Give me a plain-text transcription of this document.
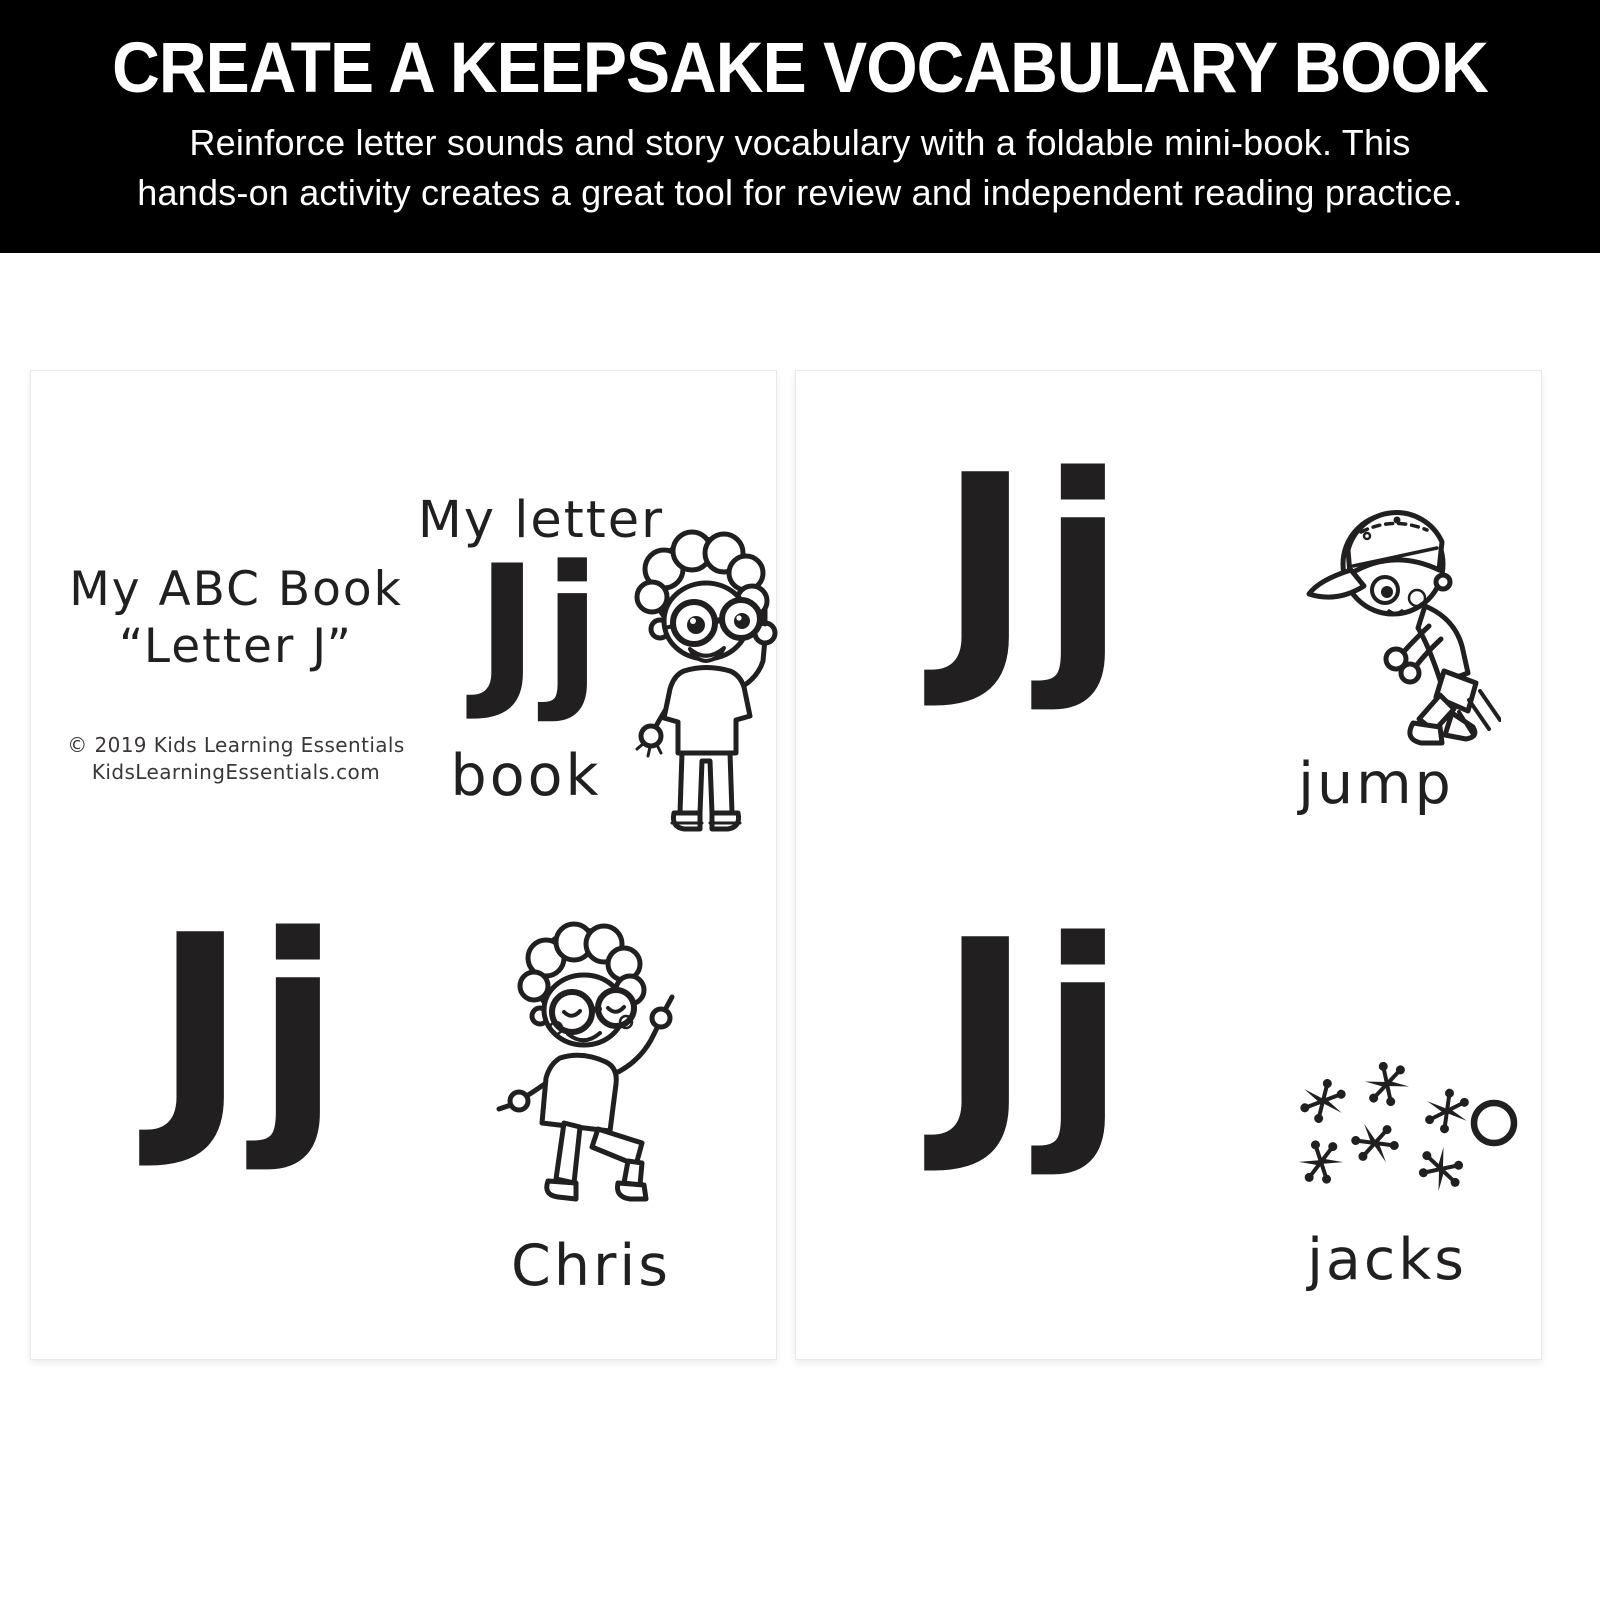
CREATE A KEEPSAKE VOCABULARY BOOK

Reinforce letter sounds and story vocabulary with a foldable mini-book. This
hands-on activity creates a great tool for review and independent reading practice.

My ABC Book
“Letter J”
© 2019 Kids Learning Essentials
KidsLearningEssentials.com
My letter
Jj
book
Jj
Chris
Jj
jump
Jj
jacks
